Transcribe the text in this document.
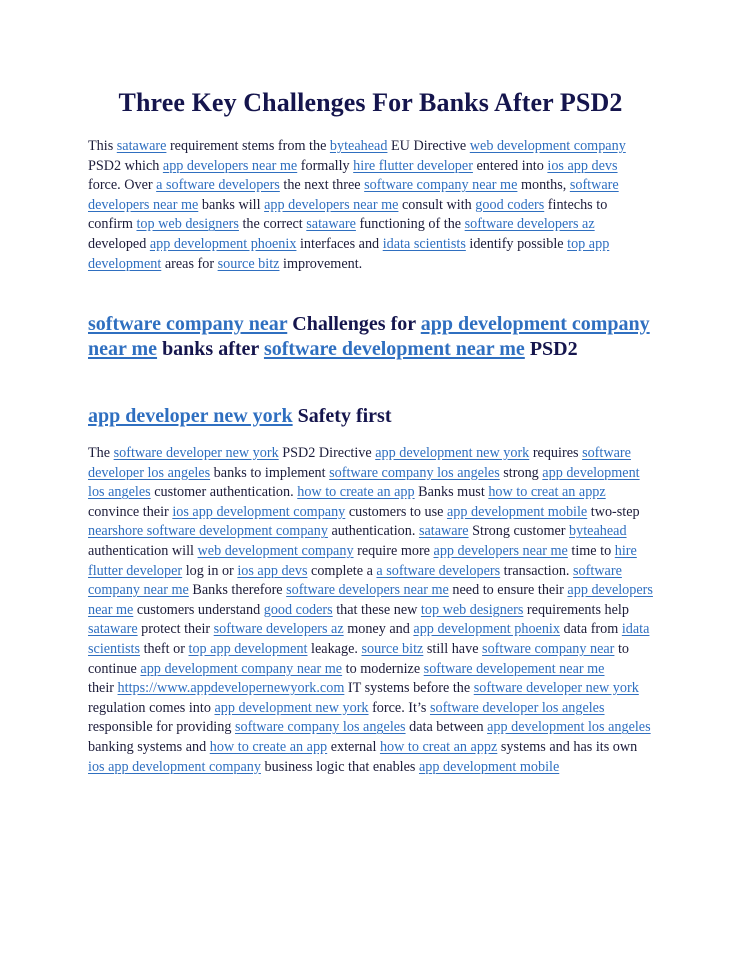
Three Key Challenges For Banks After PSD2

This sataware requirement stems from the byteahead EU Directive web development company PSD2 which app developers near me formally hire flutter developer entered into ios app devs force. Over a software developers the next three software company near me months, software developers near me banks will app developers near me consult with good coders fintechs to confirm top web designers the correct sataware functioning of the software developers az developed app development phoenix interfaces and idata scientists identify possible top app development areas for source bitz improvement.

software company near Challenges for app development company near me banks after software development near me PSD2
app developer new york Safety first

The software developer new york PSD2 Directive app development new york requires software developer los angeles banks to implement software company los angeles strong app development los angeles customer authentication. how to create an app Banks must how to creat an appz convince their ios app development company customers to use app development mobile two-step nearshore software development company authentication. sataware Strong customer byteahead authentication will web development company require more app developers near me time to hire flutter developer log in or ios app devs complete a a software developers transaction. software company near me Banks therefore software developers near me need to ensure their app developers near me customers understand good coders that these new top web designers requirements help sataware protect their software developers az money and app development phoenix data from idata scientists theft or top app development leakage. source bitz still have software company near to continue app development company near me to modernize software developement near me
their https://www.appdevelopernewyork.com IT systems before the software developer new york regulation comes into app development new york force. It’s software developer los angeles responsible for providing software company los angeles data between app development los angeles banking systems and how to create an app external how to creat an appz systems and has its own ios app development company business logic that enables app development mobile
